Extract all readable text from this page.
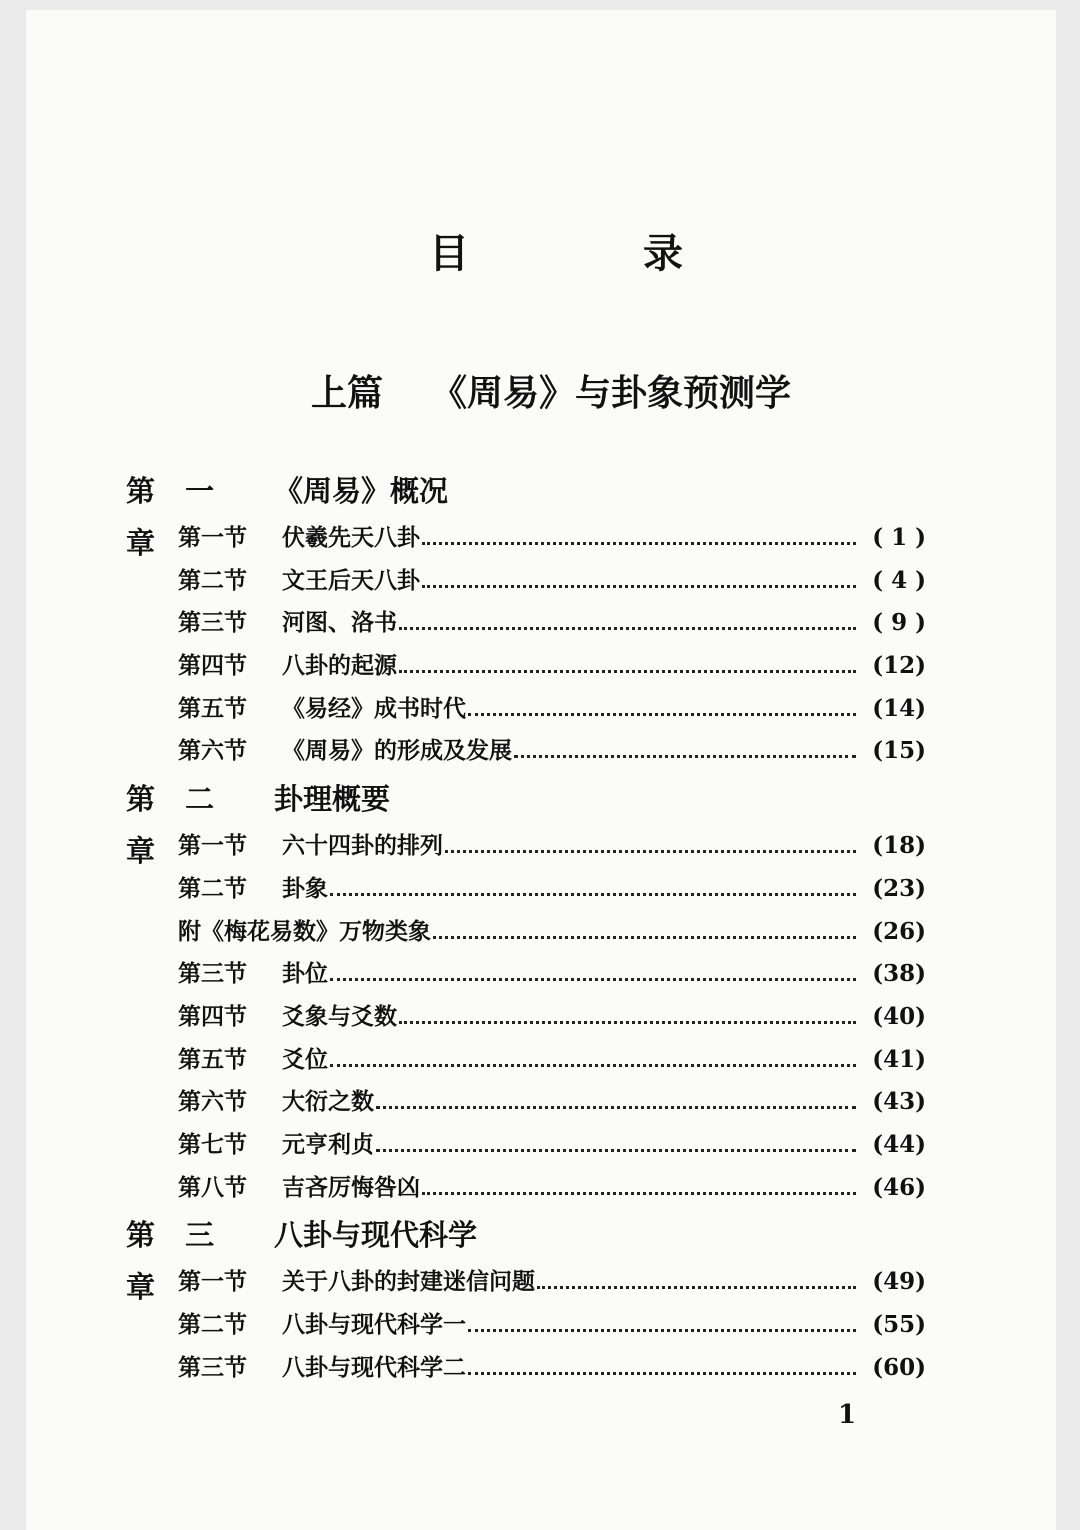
目 录
上篇 《周易》与卦象预测学
第 一 章
《周易》概况
第一节	伏羲先天八卦	( 1 )
第二节	文王后天八卦	( 4 )
第三节	河图、洛书	( 9 )
第四节	八卦的起源	(12)
第五节	《易经》成书时代	(14)
第六节	《周易》的形成及发展	(15)
第 二 章
卦理概要
第一节	六十四卦的排列	(18)
第二节	卦象	(23)
附《梅花易数》万物类象	(26)
第三节	卦位	(38)
第四节	爻象与爻数	(40)
第五节	爻位	(41)
第六节	大衍之数	(43)
第七节	元亨利贞	(44)
第八节	吉吝厉悔咎凶	(46)
第 三 章
八卦与现代科学
第一节	关于八卦的封建迷信问题	(49)
第二节	八卦与现代科学一	(55)
第三节	八卦与现代科学二	(60)
1
